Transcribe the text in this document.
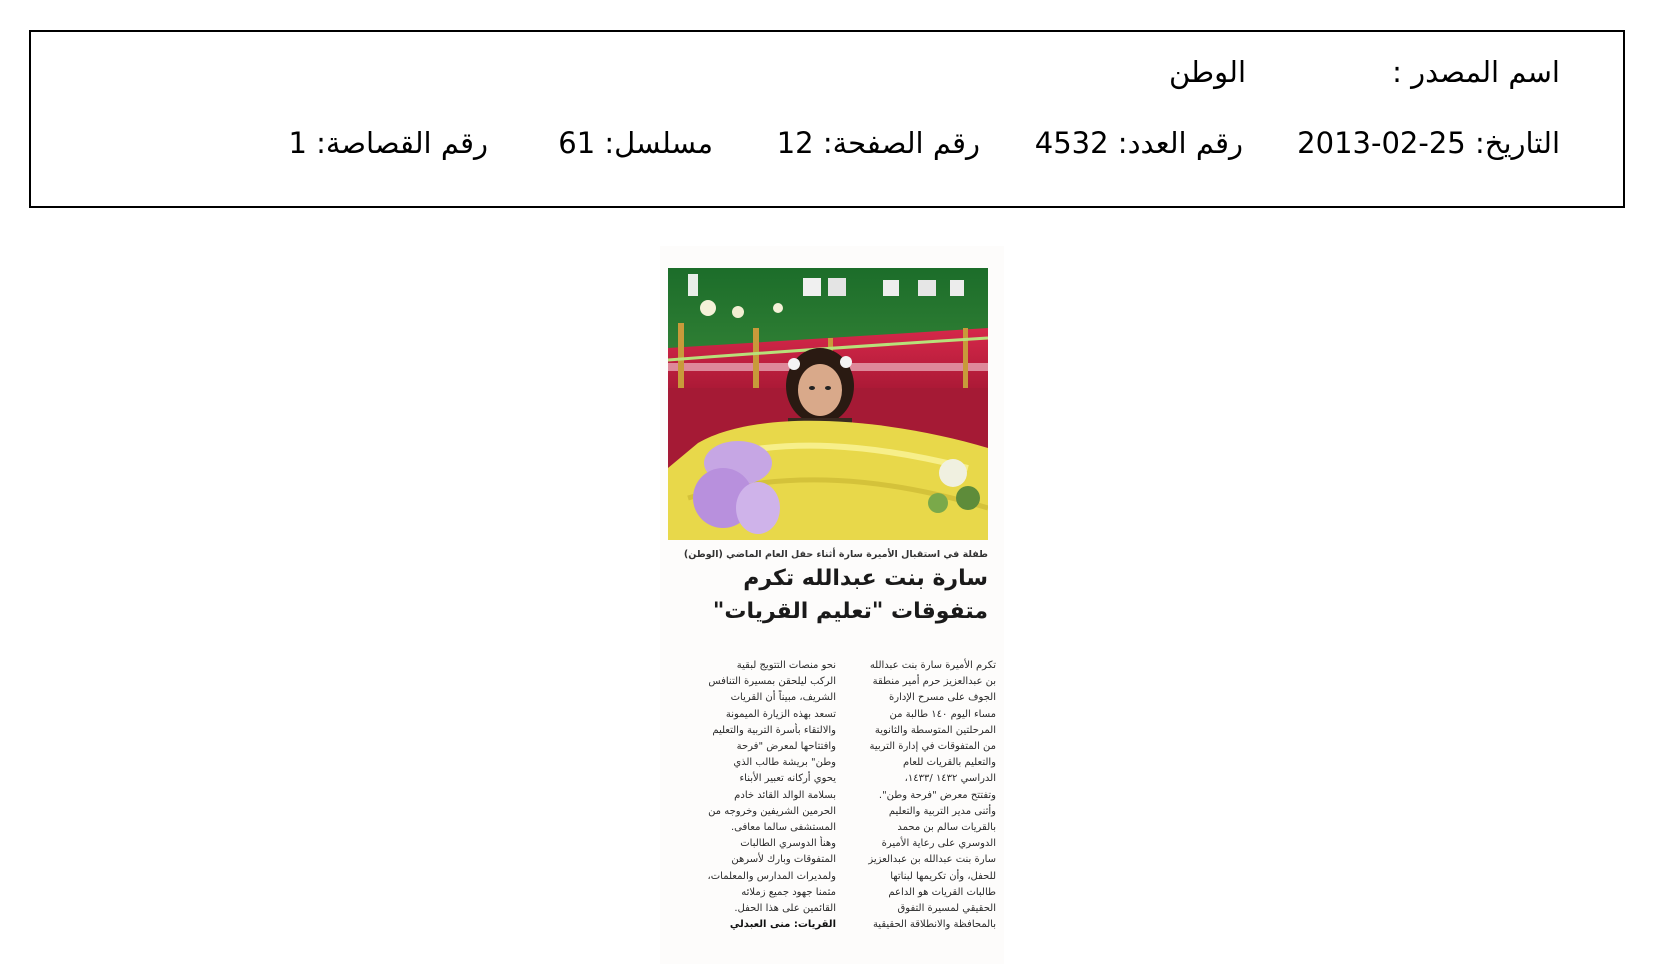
اسم المصدر :
الوطن
التاريخ: 25-02-2013
رقم العدد: 4532
رقم الصفحة: 12
مسلسل: 61
رقم القصاصة: 1
طفلة في استقبال الأميرة سارة أثناء حفل العام الماضي (الوطن)
سارة بنت عبدالله تكرم
متفوقات "تعليم القريات"
تكرم الأميرة سارة بنت عبدالله
بن عبدالعزيز حرم أمير منطقة
الجوف على مسرح الإدارة
مساء اليوم ١٤٠ طالبة من
المرحلتين المتوسطة والثانوية
من المتفوقات في إدارة التربية
والتعليم بالقريات للعام
الدراسي ١٤٣٢ /١٤٣٣،
وتفتتح معرض "فرحة وطن".
وأثنى مدير التربية والتعليم
بالقريات سالم بن محمد
الدوسري على رعاية الأميرة
سارة بنت عبدالله بن عبدالعزيز
للحفل، وأن تكريمها لبناتها
طالبات القريات هو الداعم
الحقيقي لمسيرة التفوق
بالمحافظة والانطلاقة الحقيقية
نحو منصات التتويج لبقية
الركب ليلحقن بمسيرة التنافس
الشريف، مبيناً أن القريات
تسعد بهذه الزيارة الميمونة
والالتقاء بأسرة التربية والتعليم
وافتتاحها لمعرض "فرحة
وطن" بريشة طالب الذي
يحوي أركانه تعبير الأبناء
بسلامة الوالد القائد خادم
الحرمين الشريفين وخروجه من
المستشفى سالما معافى.
وهنأ الدوسري الطالبات
المتفوقات وبارك لأسرهن
ولمديرات المدارس والمعلمات،
مثمنا جهود جميع زملائه
القائمين على هذا الحفل.
القريات: منى العبدلي
